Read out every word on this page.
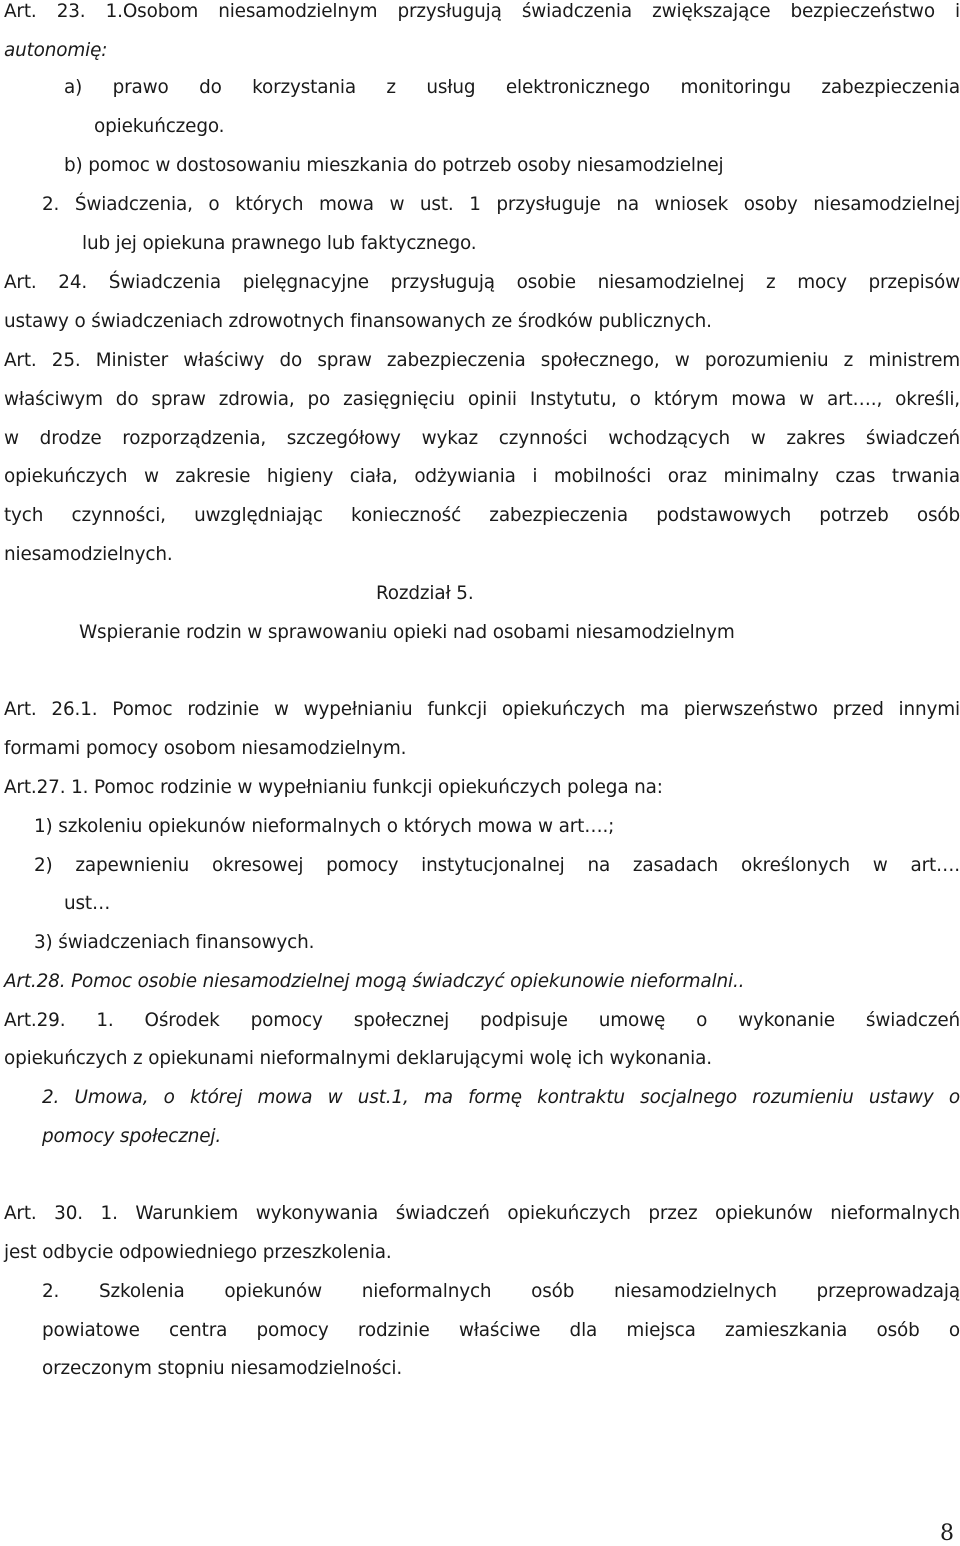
Art. 23. 1.Osobom niesamodzielnym przysługują świadczenia zwiększające bezpieczeństwo i
autonomię:
a) prawo do korzystania z usług elektronicznego monitoringu zabezpieczenia
opiekuńczego.
b) pomoc w dostosowaniu mieszkania do potrzeb osoby niesamodzielnej
2. Świadczenia, o których mowa w ust. 1 przysługuje na wniosek osoby niesamodzielnej
lub jej opiekuna prawnego lub faktycznego.
Art. 24. Świadczenia pielęgnacyjne przysługują osobie niesamodzielnej z mocy przepisów
ustawy o świadczeniach zdrowotnych finansowanych ze środków publicznych.
Art. 25. Minister właściwy do spraw zabezpieczenia społecznego, w porozumieniu z ministrem
właściwym do spraw zdrowia, po zasięgnięciu opinii Instytutu, o którym mowa w art…., określi,
w drodze rozporządzenia, szczegółowy wykaz czynności wchodzących w zakres świadczeń
opiekuńczych w zakresie higieny ciała, odżywiania i mobilności oraz minimalny czas trwania
tych czynności, uwzględniając konieczność zabezpieczenia podstawowych potrzeb osób
niesamodzielnych.
Rozdział 5.
Wspieranie rodzin w sprawowaniu opieki nad osobami niesamodzielnym
Art. 26.1. Pomoc rodzinie w wypełnianiu funkcji opiekuńczych ma pierwszeństwo przed innymi
formami pomocy osobom niesamodzielnym.
Art.27. 1. Pomoc rodzinie w wypełnianiu funkcji opiekuńczych polega na:
1) szkoleniu opiekunów nieformalnych o których mowa w art….;
2) zapewnieniu okresowej pomocy instytucjonalnej na zasadach określonych w art….
ust…
3) świadczeniach finansowych.
Art.28. Pomoc osobie niesamodzielnej mogą świadczyć opiekunowie nieformalni..
Art.29. 1. Ośrodek pomocy społecznej podpisuje umowę o wykonanie świadczeń
opiekuńczych z opiekunami nieformalnymi deklarującymi wolę ich wykonania.
2. Umowa, o której mowa w ust.1, ma formę kontraktu socjalnego rozumieniu ustawy o
pomocy społecznej.
Art. 30. 1. Warunkiem wykonywania świadczeń opiekuńczych przez opiekunów nieformalnych
jest odbycie odpowiedniego przeszkolenia.
2. Szkolenia opiekunów nieformalnych osób niesamodzielnych przeprowadzają
powiatowe centra pomocy rodzinie właściwe dla miejsca zamieszkania osób o
orzeczonym stopniu niesamodzielności.
8
